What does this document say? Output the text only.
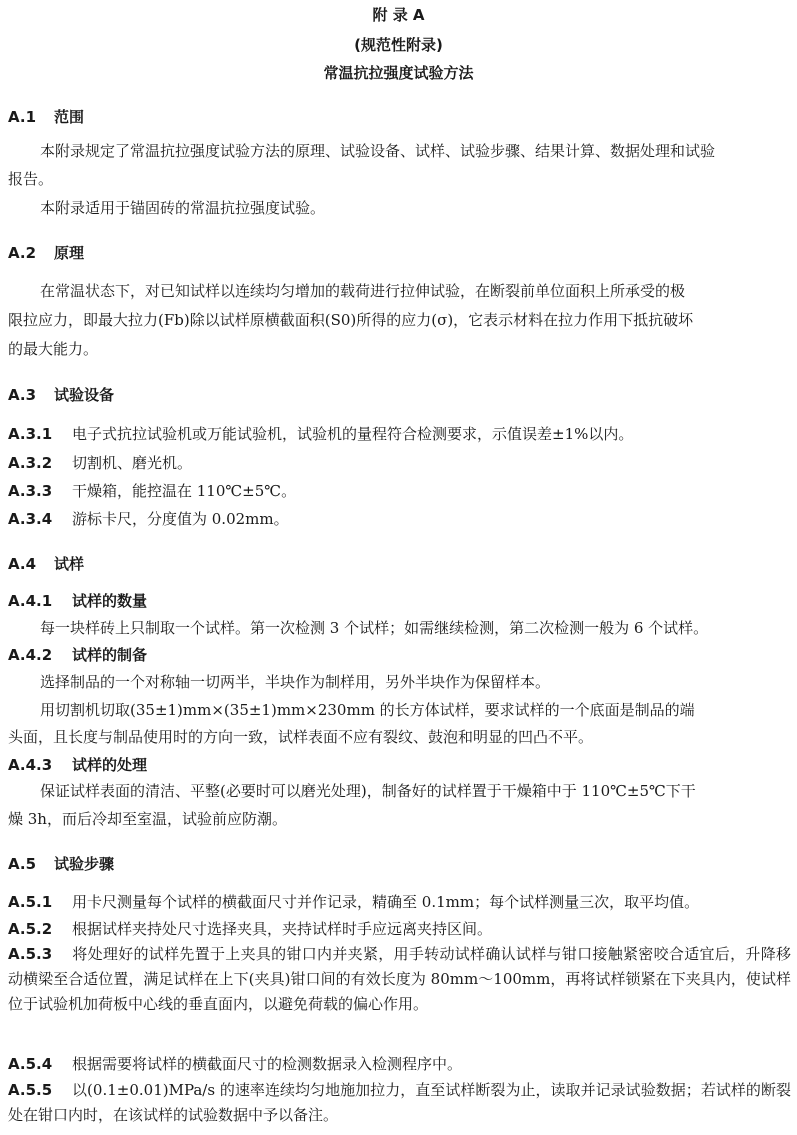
附 录 A
(规范性附录)
常温抗拉强度试验方法
A.1 范围
本附录规定了常温抗拉强度试验方法的原理、试验设备、试样、试验步骤、结果计算、数据处理和试验
报告。
本附录适用于锚固砖的常温抗拉强度试验。
A.2 原理
在常温状态下，对已知试样以连续均匀增加的载荷进行拉伸试验，在断裂前单位面积上所承受的极
限拉应力，即最大拉力(Fb)除以试样原横截面积(S0)所得的应力(σ)，它表示材料在拉力作用下抵抗破坏
的最大能力。
A.3 试验设备
A.3.1 电子式抗拉试验机或万能试验机，试验机的量程符合检测要求，示值误差±1%以内。
A.3.2 切割机、磨光机。
A.3.3 干燥箱，能控温在 110℃±5℃。
A.3.4 游标卡尺，分度值为 0.02mm。
A.4 试样
A.4.1 试样的数量
每一块样砖上只制取一个试样。第一次检测 3 个试样；如需继续检测，第二次检测一般为 6 个试样。
A.4.2 试样的制备
选择制品的一个对称轴一切两半，半块作为制样用，另外半块作为保留样本。
用切割机切取(35±1)mm×(35±1)mm×230mm 的长方体试样，要求试样的一个底面是制品的端
头面，且长度与制品使用时的方向一致，试样表面不应有裂纹、鼓泡和明显的凹凸不平。
A.4.3 试样的处理
保证试样表面的清洁、平整(必要时可以磨光处理)，制备好的试样置于干燥箱中于 110℃±5℃下干
燥 3h，而后冷却至室温，试验前应防潮。
A.5 试验步骤
A.5.1 用卡尺测量每个试样的横截面尺寸并作记录，精确至 0.1mm；每个试样测量三次，取平均值。
A.5.2 根据试样夹持处尺寸选择夹具，夹持试样时手应远离夹持区间。
A.5.3 将处理好的试样先置于上夹具的钳口内并夹紧，用手转动试样确认试样与钳口接触紧密咬合适宜后，升降移动横梁至合适位置，满足试样在上下(夹具)钳口间的有效长度为 80mm～100mm，再将试样锁紧在下夹具内，使试样位于试验机加荷板中心线的垂直面内，以避免荷载的偏心作用。
A.5.4 根据需要将试样的横截面尺寸的检测数据录入检测程序中。
A.5.5 以(0.1±0.01)MPa/s 的速率连续均匀地施加拉力，直至试样断裂为止，读取并记录试验数据；若试样的断裂处在钳口内时，在该试样的试验数据中予以备注。
